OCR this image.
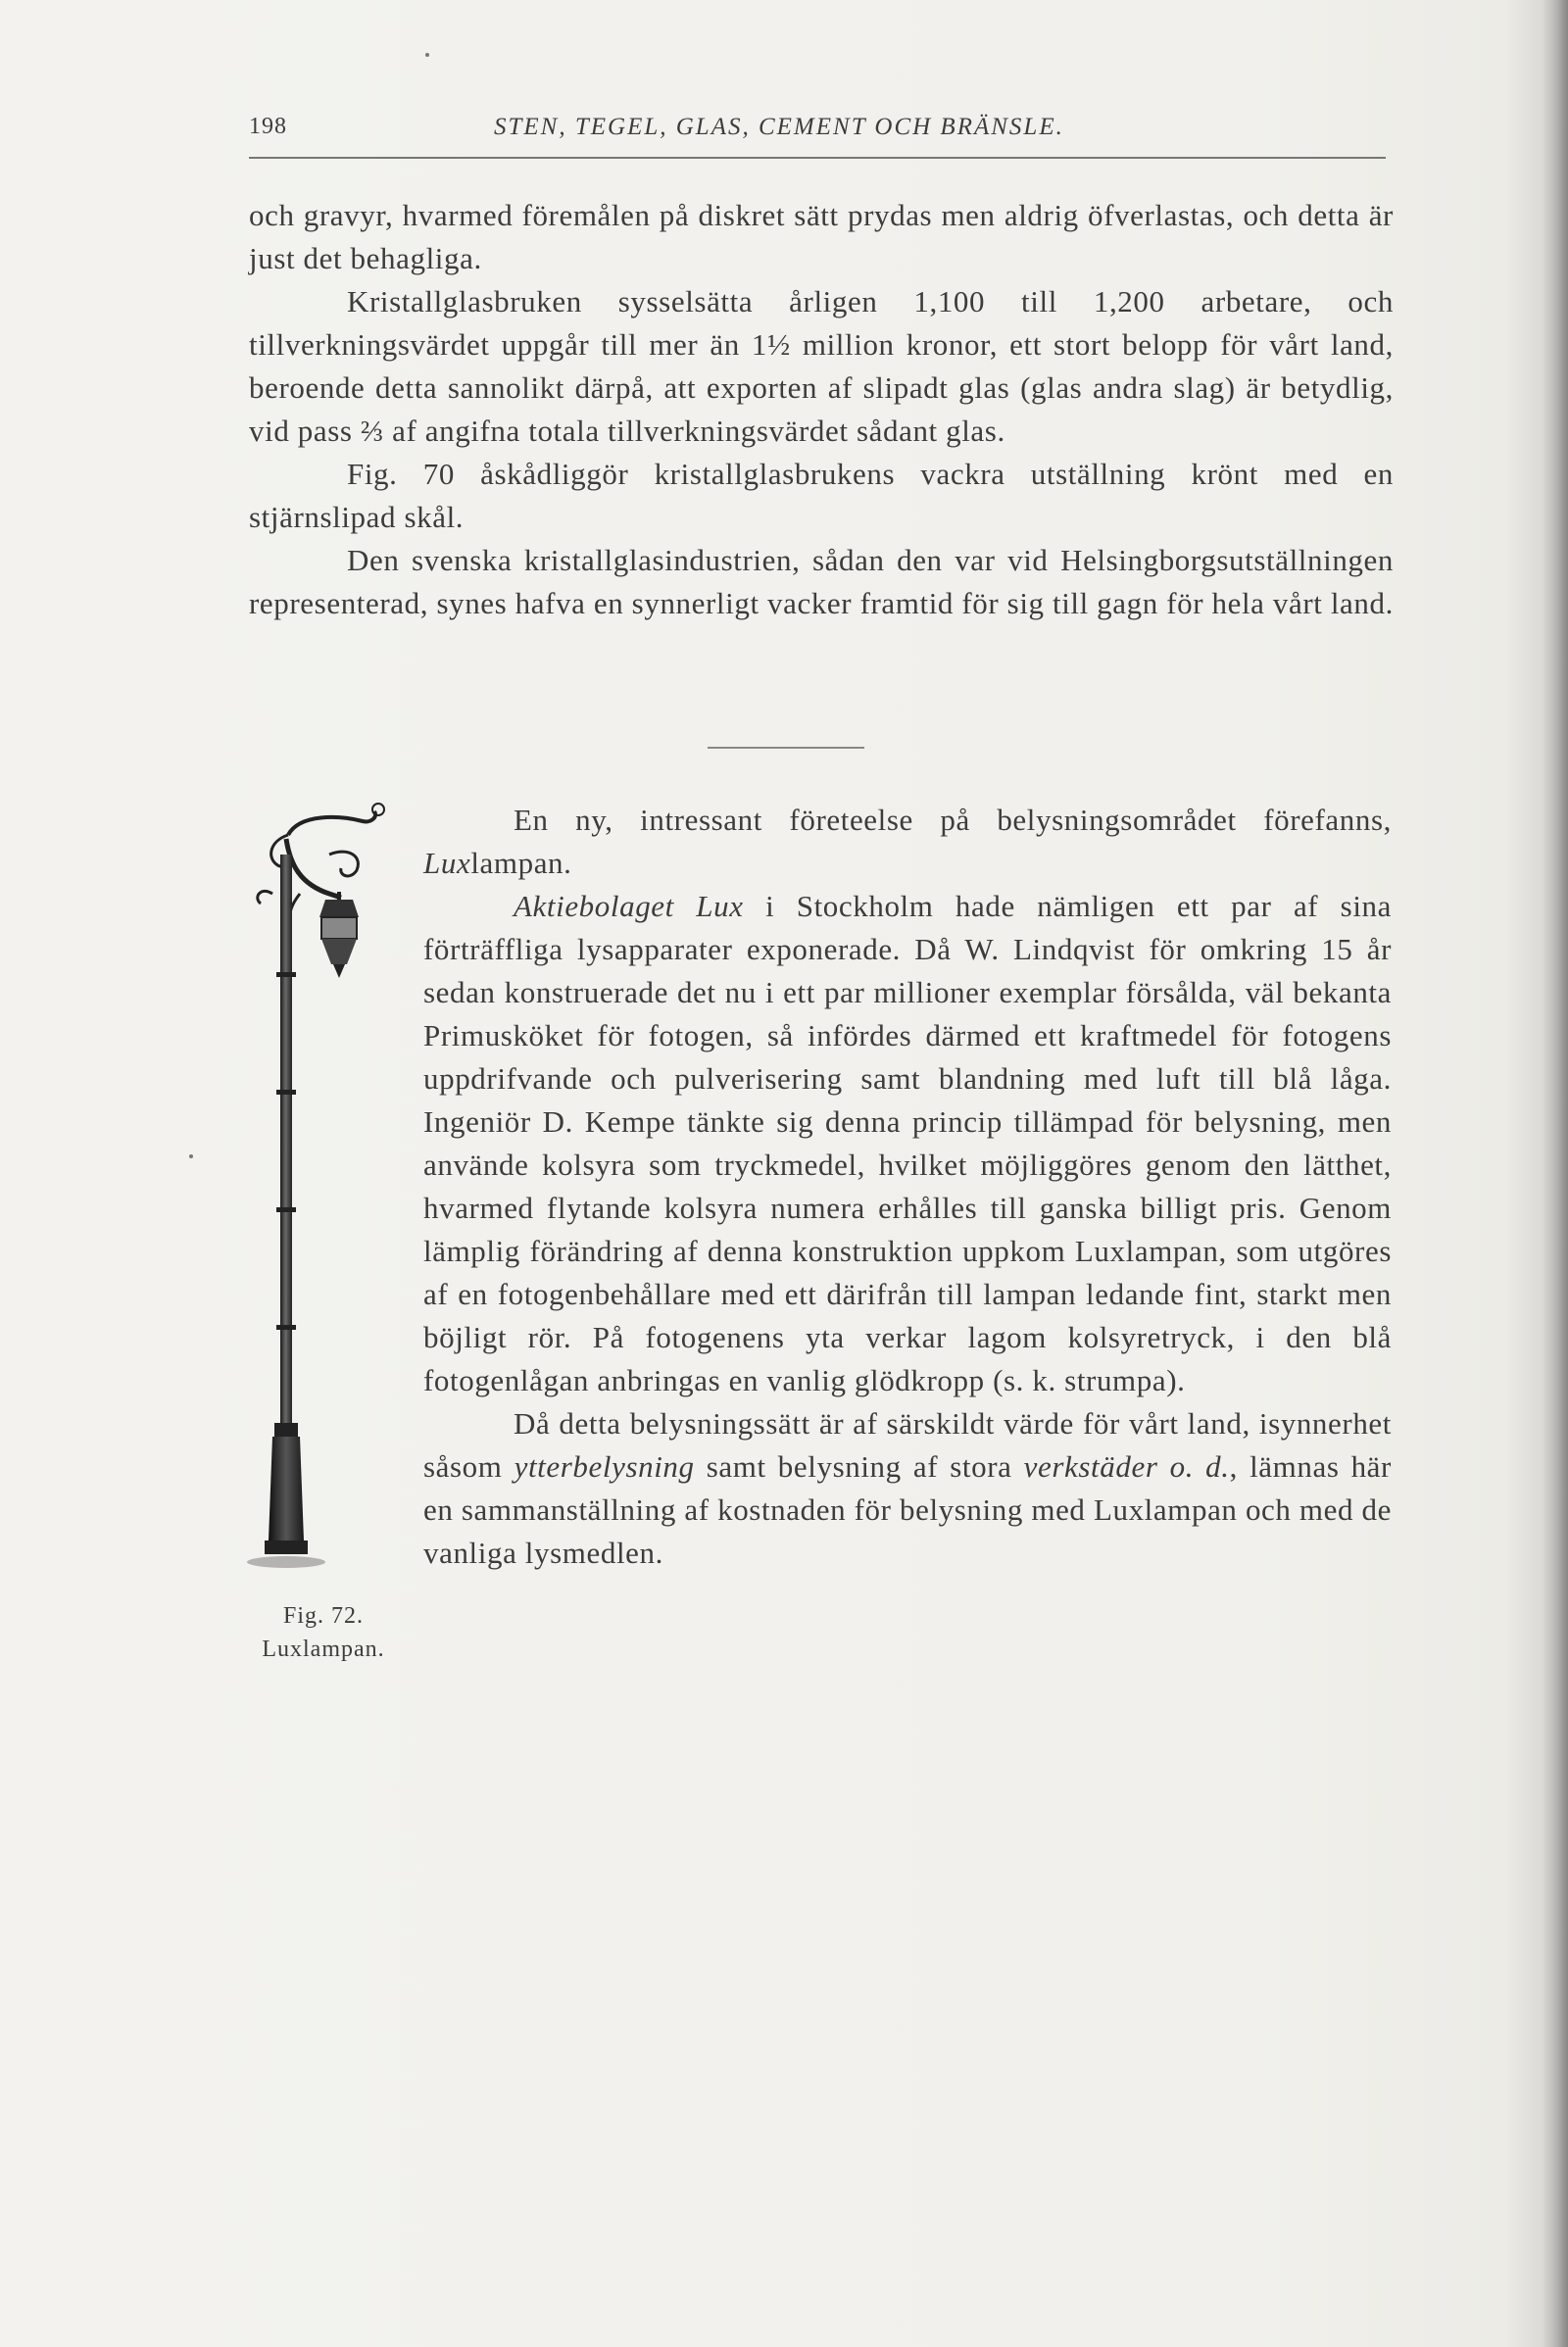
198	STEN, TEGEL, GLAS, CEMENT OCH BRÄNSLE.

och gravyr, hvarmed föremålen på diskret sätt prydas men aldrig öfverlastas, och detta är just det behagliga.

Kristallglasbruken sysselsätta årligen 1,100 till 1,200 arbetare, och tillverkningsvärdet uppgår till mer än 1½ million kronor, ett stort belopp för vårt land, beroende detta sannolikt därpå, att exporten af slipadt glas (glas andra slag) är betydlig, vid pass ⅔ af angifna totala tillverkningsvärdet sådant glas.

Fig. 70 åskådliggör kristallglasbrukens vackra utställning krönt med en stjärnslipad skål.

Den svenska kristallglasindustrien, sådan den var vid Helsingborgsutställningen representerad, synes hafva en synnerligt vacker framtid för sig till gagn för hela vårt land.

Fig. 72.
Luxlampan.

En ny, intressant företeelse på belysningsområdet förefanns, Luxlampan.

Aktiebolaget Lux i Stockholm hade nämligen ett par af sina förträffliga lysapparater exponerade. Då W. Lindqvist för omkring 15 år sedan konstruerade det nu i ett par millioner exemplar försålda, väl bekanta Primusköket för fotogen, så infördes därmed ett kraftmedel för fotogens uppdrifvande och pulverisering samt blandning med luft till blå låga. Ingeniör D. Kempe tänkte sig denna princip tillämpad för belysning, men använde kolsyra som tryckmedel, hvilket möjliggöres genom den lätthet, hvarmed flytande kolsyra numera erhålles till ganska billigt pris. Genom lämplig förändring af denna konstruktion uppkom Luxlampan, som utgöres af en fotogenbehållare med ett därifrån till lampan ledande fint, starkt men böjligt rör. På fotogenens yta verkar lagom kolsyretryck, i den blå fotogenlågan anbringas en vanlig glödkropp (s. k. strumpa).

Då detta belysningssätt är af särskildt värde för vårt land, isynnerhet såsom ytterbelysning samt belysning af stora verkstäder o. d., lämnas här en sammanställning af kostnaden för belysning med Luxlampan och med de vanliga lysmedlen.
